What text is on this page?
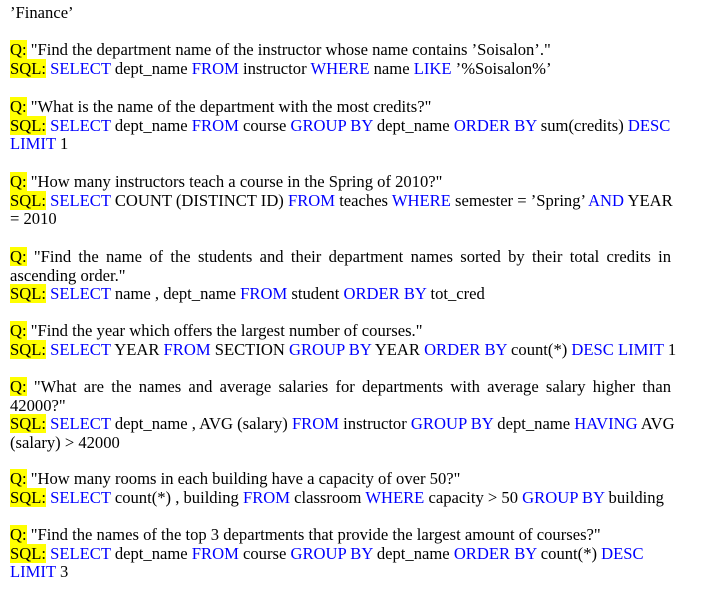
’Finance’
Q: "Find the department name of the instructor whose name contains ’Soisalon’."
SQL: SELECT dept_name FROM instructor WHERE name LIKE ’%Soisalon%’
Q: "What is the name of the department with the most credits?"
SQL: SELECT dept_name FROM course GROUP BY dept_name ORDER BY sum(credits) DESC
LIMIT 1
Q: "How many instructors teach a course in the Spring of 2010?"
SQL: SELECT COUNT (DISTINCT ID) FROM teaches WHERE semester = ’Spring’ AND YEAR
= 2010
Q: "Find the name of the students and their department names sorted by their total credits in ascending order."
SQL: SELECT name , dept_name FROM student ORDER BY tot_cred
Q: "Find the year which offers the largest number of courses."
SQL: SELECT YEAR FROM SECTION GROUP BY YEAR ORDER BY count(*) DESC LIMIT 1
Q: "What are the names and average salaries for departments with average salary higher than 42000?"
SQL: SELECT dept_name , AVG (salary) FROM instructor GROUP BY dept_name HAVING AVG
(salary) > 42000
Q: "How many rooms in each building have a capacity of over 50?"
SQL: SELECT count(*) , building FROM classroom WHERE capacity > 50 GROUP BY building
Q: "Find the names of the top 3 departments that provide the largest amount of courses?"
SQL: SELECT dept_name FROM course GROUP BY dept_name ORDER BY count(*) DESC
LIMIT 3
